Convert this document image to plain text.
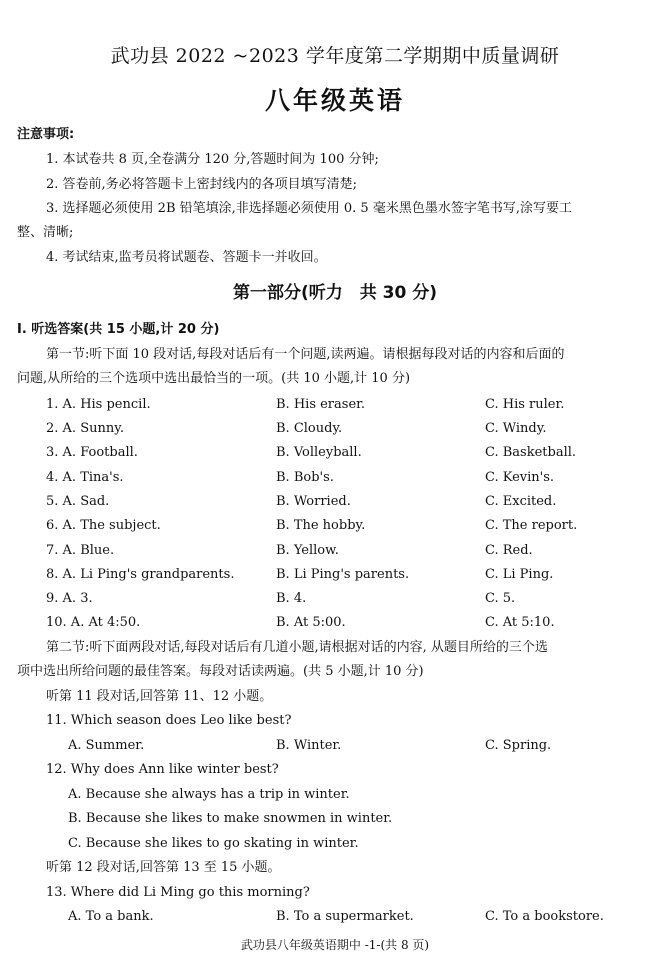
武功县 2022 ~2023 学年度第二学期期中质量调研
八年级英语
注意事项:
1. 本试卷共 8 页,全卷满分 120 分,答题时间为 100 分钟;
2. 答卷前,务必将答题卡上密封线内的各项目填写清楚;
3. 选择题必须使用 2B 铅笔填涂,非选择题必须使用 0. 5 毫米黑色墨水签字笔书写,涂写要工
整、清晰;
4. 考试结束,监考员将试题卷、答题卡一并收回。
第一部分(听力　共 30 分)
Ⅰ. 听选答案(共 15 小题,计 20 分)
第一节:听下面 10 段对话,每段对话后有一个问题,读两遍。请根据每段对话的内容和后面的
问题,从所给的三个选项中选出最恰当的一项。(共 10 小题,计 10 分)
1. A. His pencil.	B. His eraser.	C. His ruler.
2. A. Sunny.	B. Cloudy.	C. Windy.
3. A. Football.	B. Volleyball.	C. Basketball.
4. A. Tina's.	B. Bob's.	C. Kevin's.
5. A. Sad.	B. Worried.	C. Excited.
6. A. The subject.	B. The hobby.	C. The report.
7. A. Blue.	B. Yellow.	C. Red.
8. A. Li Ping's grandparents.	B. Li Ping's parents.	C. Li Ping.
9. A. 3.	B. 4.	C. 5.
10. A. At 4:50.	B. At 5:00.	C. At 5:10.
第二节:听下面两段对话,每段对话后有几道小题,请根据对话的内容, 从题目所给的三个选
项中选出所给问题的最佳答案。每段对话读两遍。(共 5 小题,计 10 分)
听第 11 段对话,回答第 11、12 小题。
11. Which season does Leo like best?
A. Summer.	B. Winter.	C. Spring.
12. Why does Ann like winter best?
A. Because she always has a trip in winter.
B. Because she likes to make snowmen in winter.
C. Because she likes to go skating in winter.
听第 12 段对话,回答第 13 至 15 小题。
13. Where did Li Ming go this morning?
A. To a bank.	B. To a supermarket.	C. To a bookstore.
武功县八年级英语期中 -1-(共 8 页)
